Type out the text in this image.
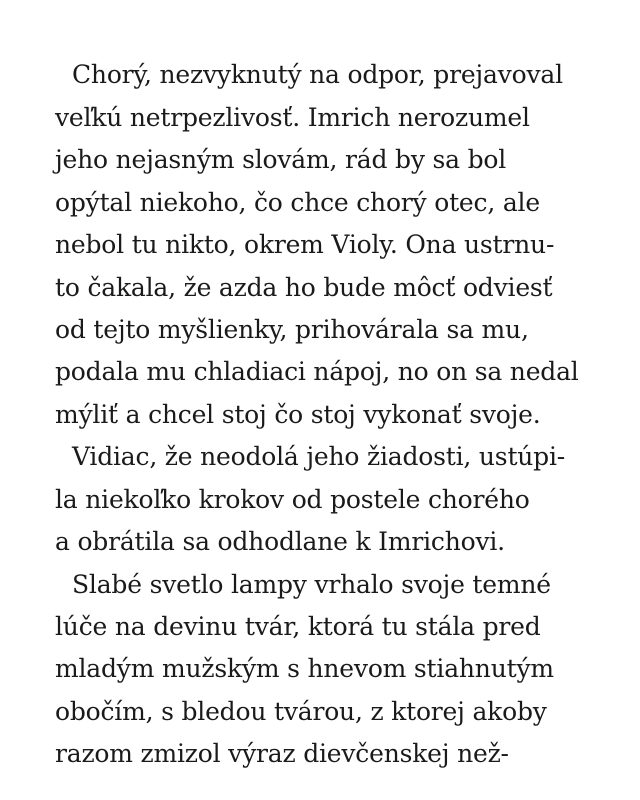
Chorý, nezvyknutý na odpor, prejavoval
veľkú netrpezlivosť. Imrich nerozumel
jeho nejasným slovám, rád by sa bol
opýtal niekoho, čo chce chorý otec, ale
nebol tu nikto, okrem Violy. Ona ustrnu-
to čakala, že azda ho bude môcť odviesť
od tejto myšlienky, prihovárala sa mu,
podala mu chladiaci nápoj, no on sa nedal
mýliť a chcel stoj čo stoj vykonať svoje.
Vidiac, že neodolá jeho žiadosti, ustúpi-
la niekoľko krokov od postele chorého
a obrátila sa odhodlane k Imrichovi.
Slabé svetlo lampy vrhalo svoje temné
lúče na devinu tvár, ktorá tu stála pred
mladým mužským s hnevom stiahnutým
obočím, s bledou tvárou, z ktorej akoby
razom zmizol výraz dievčenskej než-
